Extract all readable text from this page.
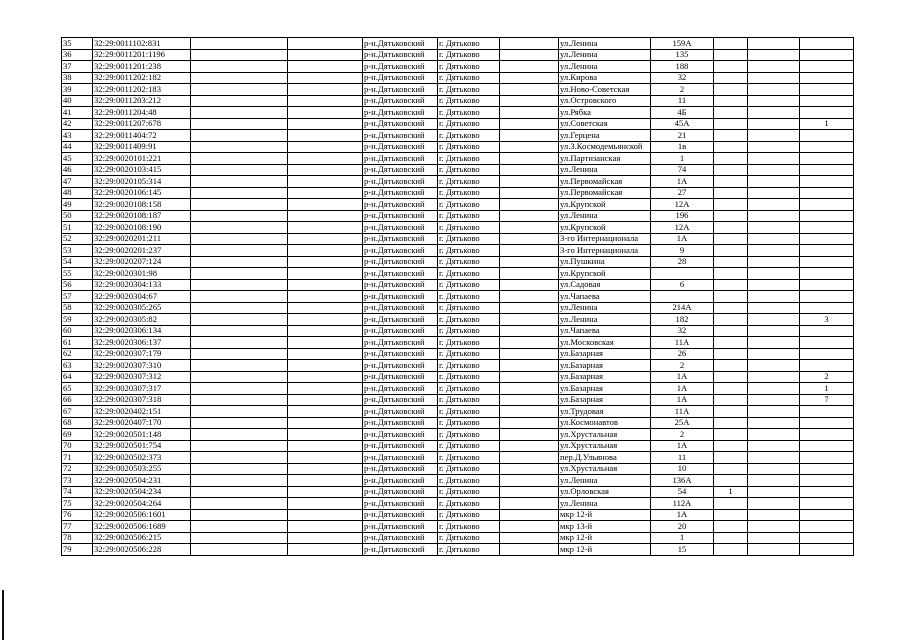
35	32:29:0011102:831			р-н.Дятьковский	г. Дятьково		ул.Ленина	159А			
36	32:29:0011201:1196			р-н.Дятьковский	г. Дятьково		ул.Ленина	135			
37	32:29:0011201:238			р-н.Дятьковский	г. Дятьково		ул.Ленина	188			
38	32:29:0011202:182			р-н.Дятьковский	г. Дятьково		ул.Кирова	32			
39	32:29:0011202:183			р-н.Дятьковский	г. Дятьково		ул.Ново-Советская	2			
40	32:29:0011203:212			р-н.Дятьковский	г. Дятьково		ул.Островского	11			
41	32:29:0011204:48			р-н.Дятьковский	г. Дятьково		ул.Рябка	4Б			
42	32:29:0011207:678			р-н.Дятьковский	г. Дятьково		ул.Советская	45А			1
43	32:29:0011404:72			р-н.Дятьковский	г. Дятьково		ул.Герцена	21			
44	32:29:0011409:91			р-н.Дятьковский	г. Дятьково		ул.З.Космодемьянской	1в			
45	32:29:0020101:221			р-н.Дятьковский	г. Дятьково		ул.Партизанская	1			
46	32:29:0020103:415			р-н.Дятьковский	г. Дятьково		ул.Ленина	74			
47	32:29:0020105:314			р-н.Дятьковский	г. Дятьково		ул.Первомайская	1А			
48	32:29:0020106:145			р-н.Дятьковский	г. Дятьково		ул.Первомайская	27			
49	32:29:0020108:158			р-н.Дятьковский	г. Дятьково		ул.Крупской	12А			
50	32:29:0020108:187			р-н.Дятьковский	г. Дятьково		ул.Ленина	196			
51	32:29:0020108:190			р-н.Дятьковский	г. Дятьково		ул.Крупской	12А			
52	32:29:0020201:211			р-н.Дятьковский	г. Дятьково		3-го Интернационала	1А			
53	32:29:0020201:237			р-н.Дятьковский	г. Дятьково		3-го Интернационала	9			
54	32:29:0020207:124			р-н.Дятьковский	г. Дятьково		ул.Пушкина	28			
55	32:29:0020301:98			р-н.Дятьковский	г. Дятьково		ул.Крупской				
56	32:29:0020304:133			р-н.Дятьковский	г. Дятьково		ул.Садовая	6			
57	32:29:0020304:67			р-н.Дятьковский	г. Дятьково		ул.Чапаева				
58	32:29:0020305:265			р-н.Дятьковский	г. Дятьково		ул.Ленина	214А			
59	32:29:0020305:82			р-н.Дятьковский	г. Дятьково		ул.Ленина	182			3
60	32:29:0020306:134			р-н.Дятьковский	г. Дятьково		ул.Чапаева	32			
61	32:29:0020306:137			р-н.Дятьковский	г. Дятьково		ул.Московская	11А			
62	32:29:0020307:179			р-н.Дятьковский	г. Дятьково		ул.Базарная	26			
63	32:29:0020307:310			р-н.Дятьковский	г. Дятьково		ул.Базарная	2			
64	32:29:0020307:312			р-н.Дятьковский	г. Дятьково		ул.Базарная	1А			2
65	32:29:0020307:317			р-н.Дятьковский	г. Дятьково		ул.Базарная	1А			1
66	32:29:0020307:318			р-н.Дятьковский	г. Дятьково		ул.Базарная	1А			7
67	32:29:0020402:151			р-н.Дятьковский	г. Дятьково		ул.Трудовая	11А			
68	32:29:0020407:170			р-н.Дятьковский	г. Дятьково		ул.Космонавтов	25А			
69	32:29:0020501:148			р-н.Дятьковский	г. Дятьково		ул.Хрустальная	2			
70	32:29:0020501:754			р-н.Дятьковский	г. Дятьково		ул.Хрустальная	1А			
71	32:29:0020502:373			р-н.Дятьковский	г. Дятьково		пер.Д.Ульянова	11			
72	32:29:0020503:255			р-н.Дятьковский	г. Дятьково		ул.Хрустальная	10			
73	32:29:0020504:231			р-н.Дятьковский	г. Дятьково		ул.Ленина	136А			
74	32:29:0020504:234			р-н.Дятьковский	г. Дятьково		ул.Орловская	54	1		
75	32:29:0020504:264			р-н.Дятьковский	г. Дятьково		ул.Ленина	112А			
76	32:29:0020506:1601			р-н.Дятьковский	г. Дятьково		мкр 12-й	1А			
77	32:29:0020506:1689			р-н.Дятьковский	г. Дятьково		мкр 13-й	20			
78	32:29:0020506:215			р-н.Дятьковский	г. Дятьково		мкр 12-й	1			
79	32:29:0020506:228			р-н.Дятьковский	г. Дятьково		мкр 12-й	15			
